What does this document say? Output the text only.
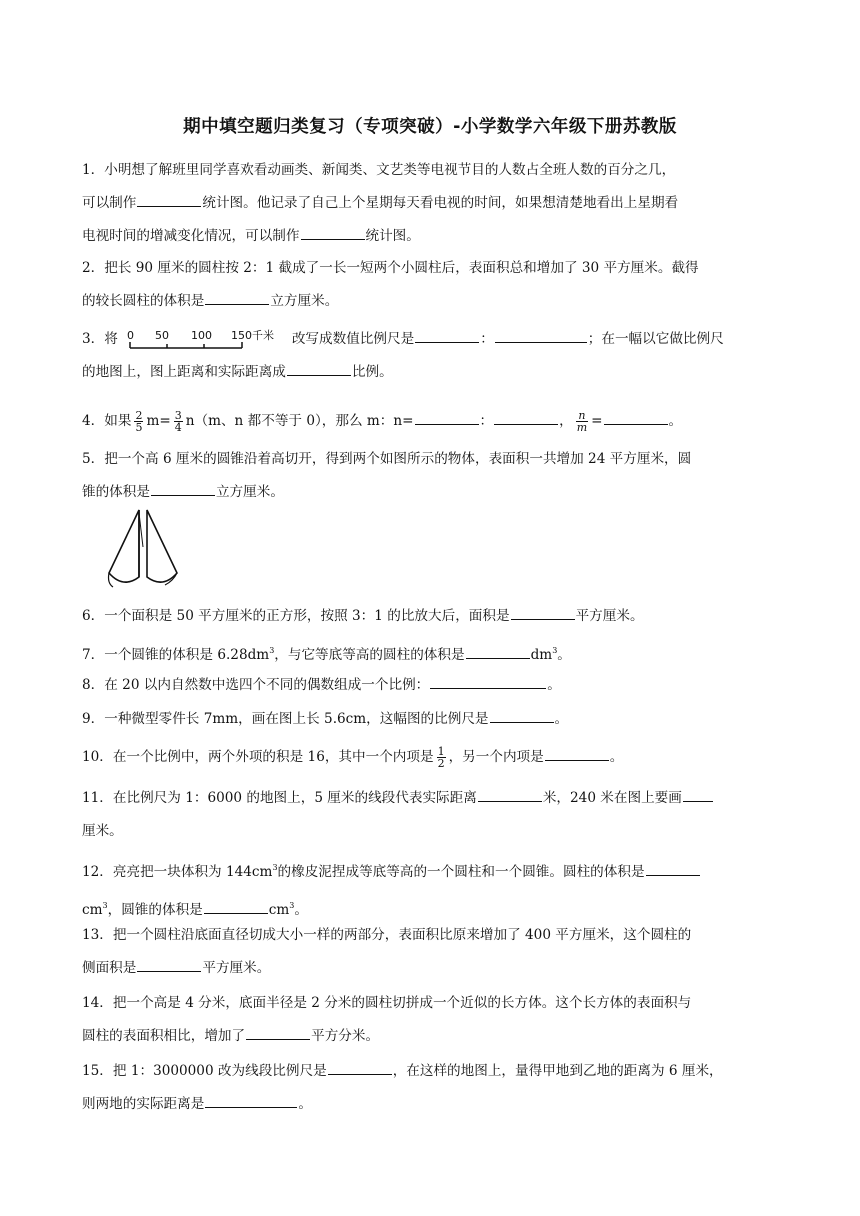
期中填空题归类复习（专项突破）-小学数学六年级下册苏教版
1．小明想了解班里同学喜欢看动画类、新闻类、文艺类等电视节目的人数占全班人数的百分之几，
可以制作	统计图。他记录了自己上个星期每天看电视的时间，如果想清楚地看出上星期看
电视时间的增减变化情况，可以制作	统计图。
2．把长 90 厘米的圆柱按 2：1 截成了一长一短两个小圆柱后，表面积总和增加了 30 平方厘米。截得
的较长圆柱的体积是	立方厘米。
3．将 0 50 100 150千米 改写成数值比例尺是	：	；在一幅以它做比例尺
的地图上，图上距离和实际距离成	比例。
4．如果 $\frac{2}{5} m= \frac{3}{4} n(m$、n 都不等于 0），那么 m：n=	：	， $\frac{n}{m}$ =	。
5．把一个高 6 厘米的圆锥沿着高切开，得到两个如图所示的物体，表面积一共增加 24 平方厘米，圆
锥的体积是	立方厘米。
6．一个面积是 50 平方厘米的正方形，按照 3：1 的比放大后，面积是	平方厘米。
7．一个圆锥的体积是 $6.28dm^3$，与它等底等高的圆柱的体积是	$dm^3$。
8．在 20 以内自然数中选四个不同的偶数组成一个比例：	。
9．一种微型零件长 7mm，画在图上长 5.6cm，这幅图的比例尺是	。
10．在一个比例中，两个外项的积是 16，其中一个内项是 $\frac{1}{2}$ ，另一个内项是	。
11．在比例尺为 1：6000 的地图上，5 厘米的线段代表实际距离	米，240 米在图上要画
厘米。
12．亮亮把一块体积为 $144cm^3$的橡皮泥捏成等底等高的一个圆柱和一个圆锥。圆柱的体积是
$cm^3$，圆锥的体积是	$cm^3$。
13．把一个圆柱沿底面直径切成大小一样的两部分，表面积比原来增加了 400 平方厘米，这个圆柱的
侧面积是	平方厘米。
14．把一个高是 4 分米，底面半径是 2 分米的圆柱切拼成一个近似的长方体。这个长方体的表面积与
圆柱的表面积相比，增加了	平方分米。
15．把 1：3000000 改为线段比例尺是	，在这样的地图上，量得甲地到乙地的距离为 6 厘米，
则两地的实际距离是	。
